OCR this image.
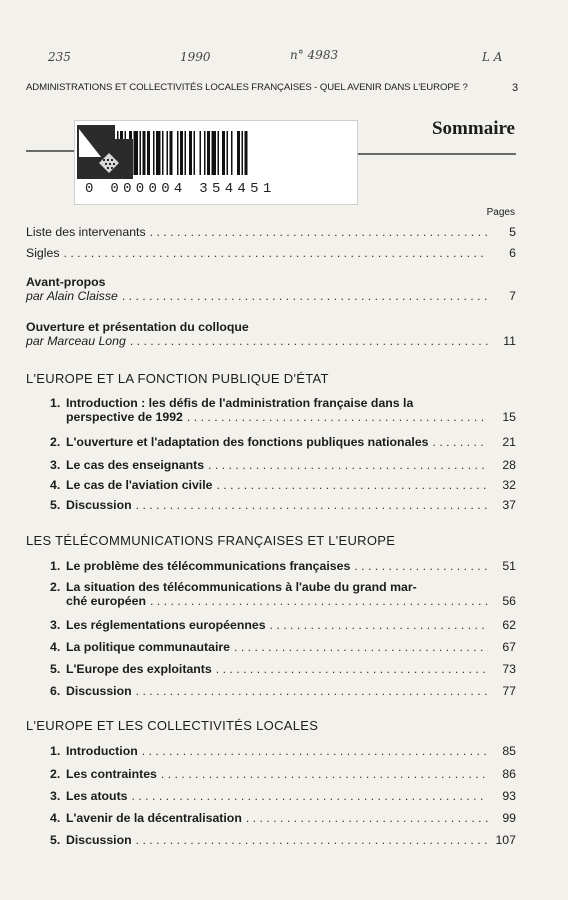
235	1990	n° 4983	L A
ADMINISTRATIONS ET COLLECTIVITÉS LOCALES FRANÇAISES - QUEL AVENIR DANS L'EUROPE ?	3
0 000004 354451
Sommaire
Pages
Liste des intervenants . . .	5
Sigles . . .	6
Avant-propos
par Alain Claisse . . .	7
Ouverture et présentation du colloque
par Marceau Long . . .	11
L'EUROPE ET LA FONCTION PUBLIQUE D'ÉTAT
1. Introduction : les défis de l'administration française dans la
perspective de 1992 . . .	15
2. L'ouverture et l'adaptation des fonctions publiques nationales . . .	21
3. Le cas des enseignants . . .	28
4. Le cas de l'aviation civile . . .	32
5. Discussion . . .	37
LES TÉLÉCOMMUNICATIONS FRANÇAISES ET L'EUROPE
1. Le problème des télécommunications françaises . . .	51
2. La situation des télécommunications à l'aube du grand mar-
ché européen . . .	56
3. Les réglementations européennes . . .	62
4. La politique communautaire . . .	67
5. L'Europe des exploitants . . .	73
6. Discussion . . .	77
L'EUROPE ET LES COLLECTIVITÉS LOCALES
1. Introduction . . .	85
2. Les contraintes . . .	86
3. Les atouts . . .	93
4. L'avenir de la décentralisation . . .	99
5. Discussion . . .	107
